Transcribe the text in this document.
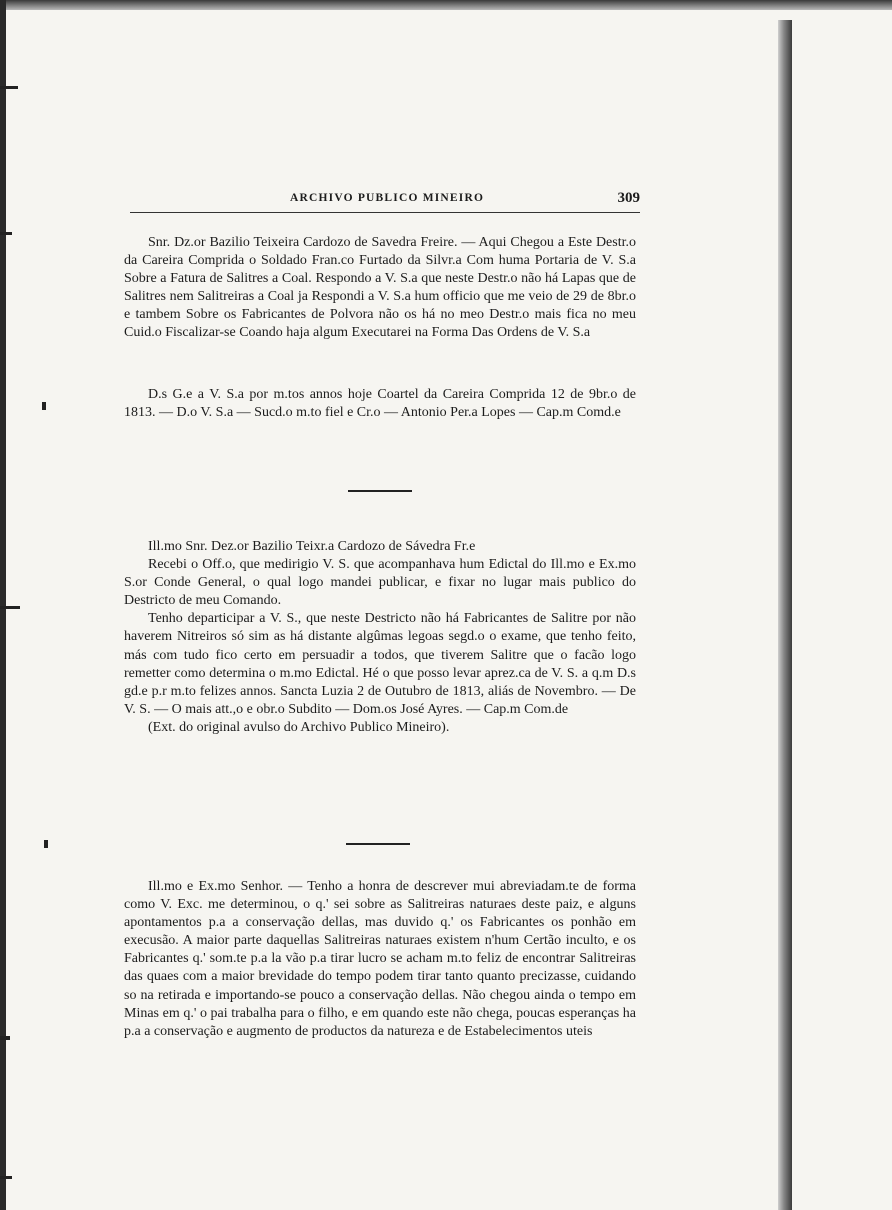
ARCHIVO PUBLICO MINEIRO	309

Snr. Dz.or Bazilio Teixeira Cardozo de Savedra Freire. — Aqui Chegou a Este Destr.o da Careira Comprida o Soldado Fran.co Furtado da Silvr.a Com huma Portaria de V. S.a Sobre a Fatura de Salitres a Coal. Respondo a V. S.a que neste Destr.o não há Lapas que de Salitres nem Salitreiras a Coal ja Respondi a V. S.a hum officio que me veio de 29 de 8br.o e tambem Sobre os Fabricantes de Polvora não os há no meo Destr.o mais fica no meu Cuid.o Fiscalizar-se Coando haja algum Executarei na Forma Das Ordens de V. S.a

D.s G.e a V. S.a por m.tos annos hoje Coartel da Careira Comprida 12 de 9br.o de 1813. — D.o V. S.a — Sucd.o m.to fiel e Cr.o — Antonio Per.a Lopes — Cap.m Comd.e

Ill.mo Snr. Dez.or Bazilio Teixr.a Cardozo de Sávedra Fr.e

Recebi o Off.o, que medirigio V. S. que acompanhava hum Edictal do Ill.mo e Ex.mo S.or Conde General, o qual logo mandei publicar, e fixar no lugar mais publico do Destricto de meu Comando.

Tenho departicipar a V. S., que neste Destricto não há Fabricantes de Salitre por não haverem Nitreiros só sim as há distante algûmas legoas segd.o o exame, que tenho feito, más com tudo fico certo em persuadir a todos, que tiverem Salitre que o facão logo remetter como determina o m.mo Edictal. Hé o que posso levar aprez.ca de V. S. a q.m D.s gd.e p.r m.to felizes annos. Sancta Luzia 2 de Outubro de 1813, aliás de Novembro. — De V. S. — O mais att.,o e obr.o Subdito — Dom.os José Ayres. — Cap.m Com.de

(Ext. do original avulso do Archivo Publico Mineiro).

Ill.mo e Ex.mo Senhor. — Tenho a honra de descrever mui abreviadam.te de forma como V. Exc. me determinou, o q.' sei sobre as Salitreiras naturaes deste paiz, e alguns apontamentos p.a a conservação dellas, mas duvido q.' os Fabricantes os ponhão em execusão. A maior parte daquellas Salitreiras naturaes existem n'hum Certão inculto, e os Fabricantes q.' som.te p.a la vão p.a tirar lucro se acham m.to feliz de encontrar Salitreiras das quaes com a maior brevidade do tempo podem tirar tanto quanto precizasse, cuidando so na retirada e importando-se pouco a conservação dellas. Não chegou ainda o tempo em Minas em q.' o pai trabalha para o filho, e em quando este não chega, poucas esperanças ha p.a a conservação e augmento de productos da natureza e de Estabelecimentos uteis
